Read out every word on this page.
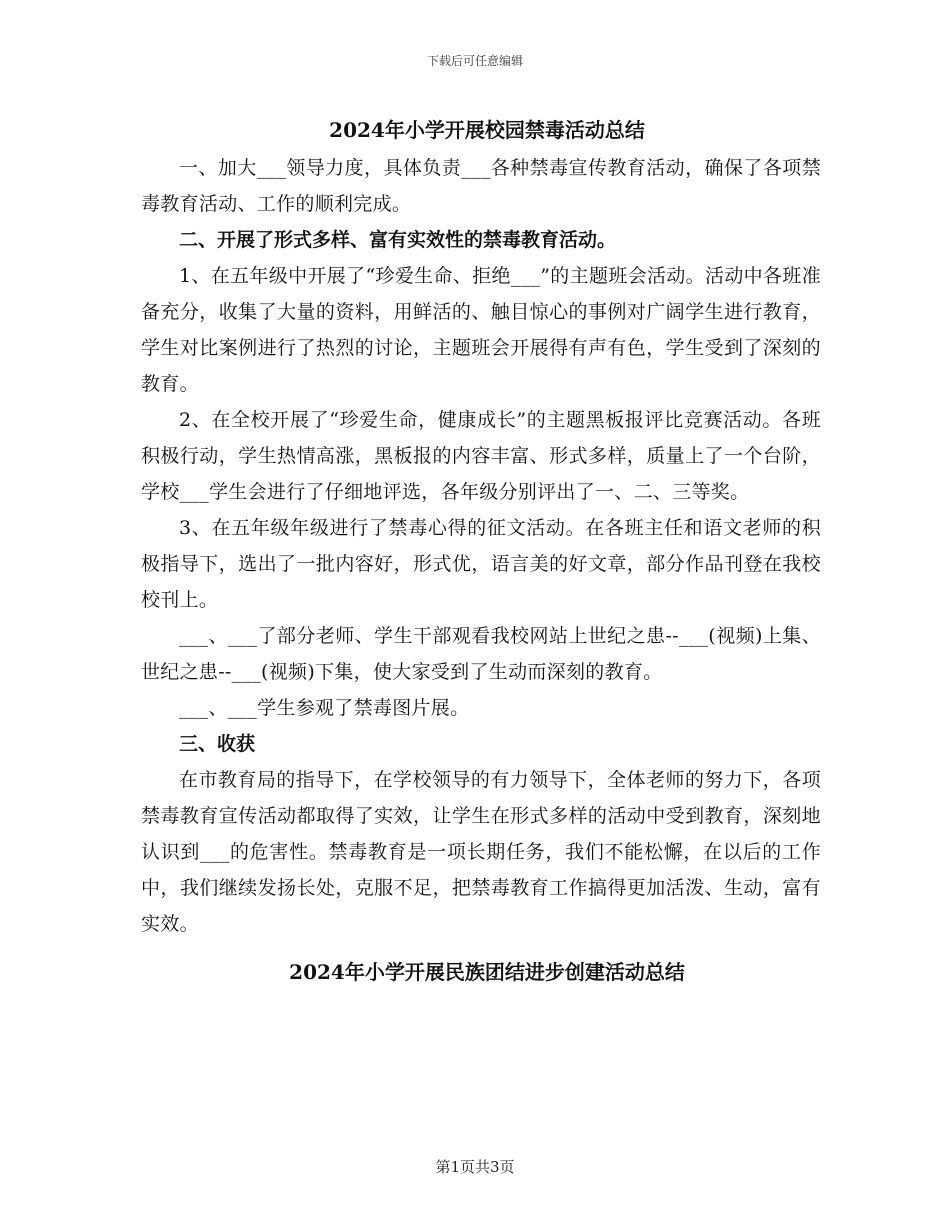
下载后可任意编辑
2024年小学开展校园禁毒活动总结

一、加大___领导力度，具体负责___各种禁毒宣传教育活动，确保了各项禁毒教育活动、工作的顺利完成。

二、开展了形式多样、富有实效性的禁毒教育活动。

1、在五年级中开展了“珍爱生命、拒绝___”的主题班会活动。活动中各班准备充分，收集了大量的资料，用鲜活的、触目惊心的事例对广阔学生进行教育，学生对比案例进行了热烈的讨论，主题班会开展得有声有色，学生受到了深刻的教育。

2、在全校开展了“珍爱生命，健康成长”的主题黑板报评比竞赛活动。各班积极行动，学生热情高涨，黑板报的内容丰富、形式多样，质量上了一个台阶，学校___学生会进行了仔细地评选，各年级分别评出了一、二、三等奖。

3、在五年级年级进行了禁毒心得的征文活动。在各班主任和语文老师的积极指导下，选出了一批内容好，形式优，语言美的好文章，部分作品刊登在我校校刊上。

___、___了部分老师、学生干部观看我校网站上世纪之患--___(视频)上集、世纪之患--___(视频)下集，使大家受到了生动而深刻的教育。

___、___学生参观了禁毒图片展。

三、收获

在市教育局的指导下，在学校领导的有力领导下，全体老师的努力下，各项禁毒教育宣传活动都取得了实效，让学生在形式多样的活动中受到教育，深刻地认识到___的危害性。禁毒教育是一项长期任务，我们不能松懈，在以后的工作中，我们继续发扬长处，克服不足，把禁毒教育工作搞得更加活泼、生动，富有实效。

2024年小学开展民族团结进步创建活动总结
第1页共3页
